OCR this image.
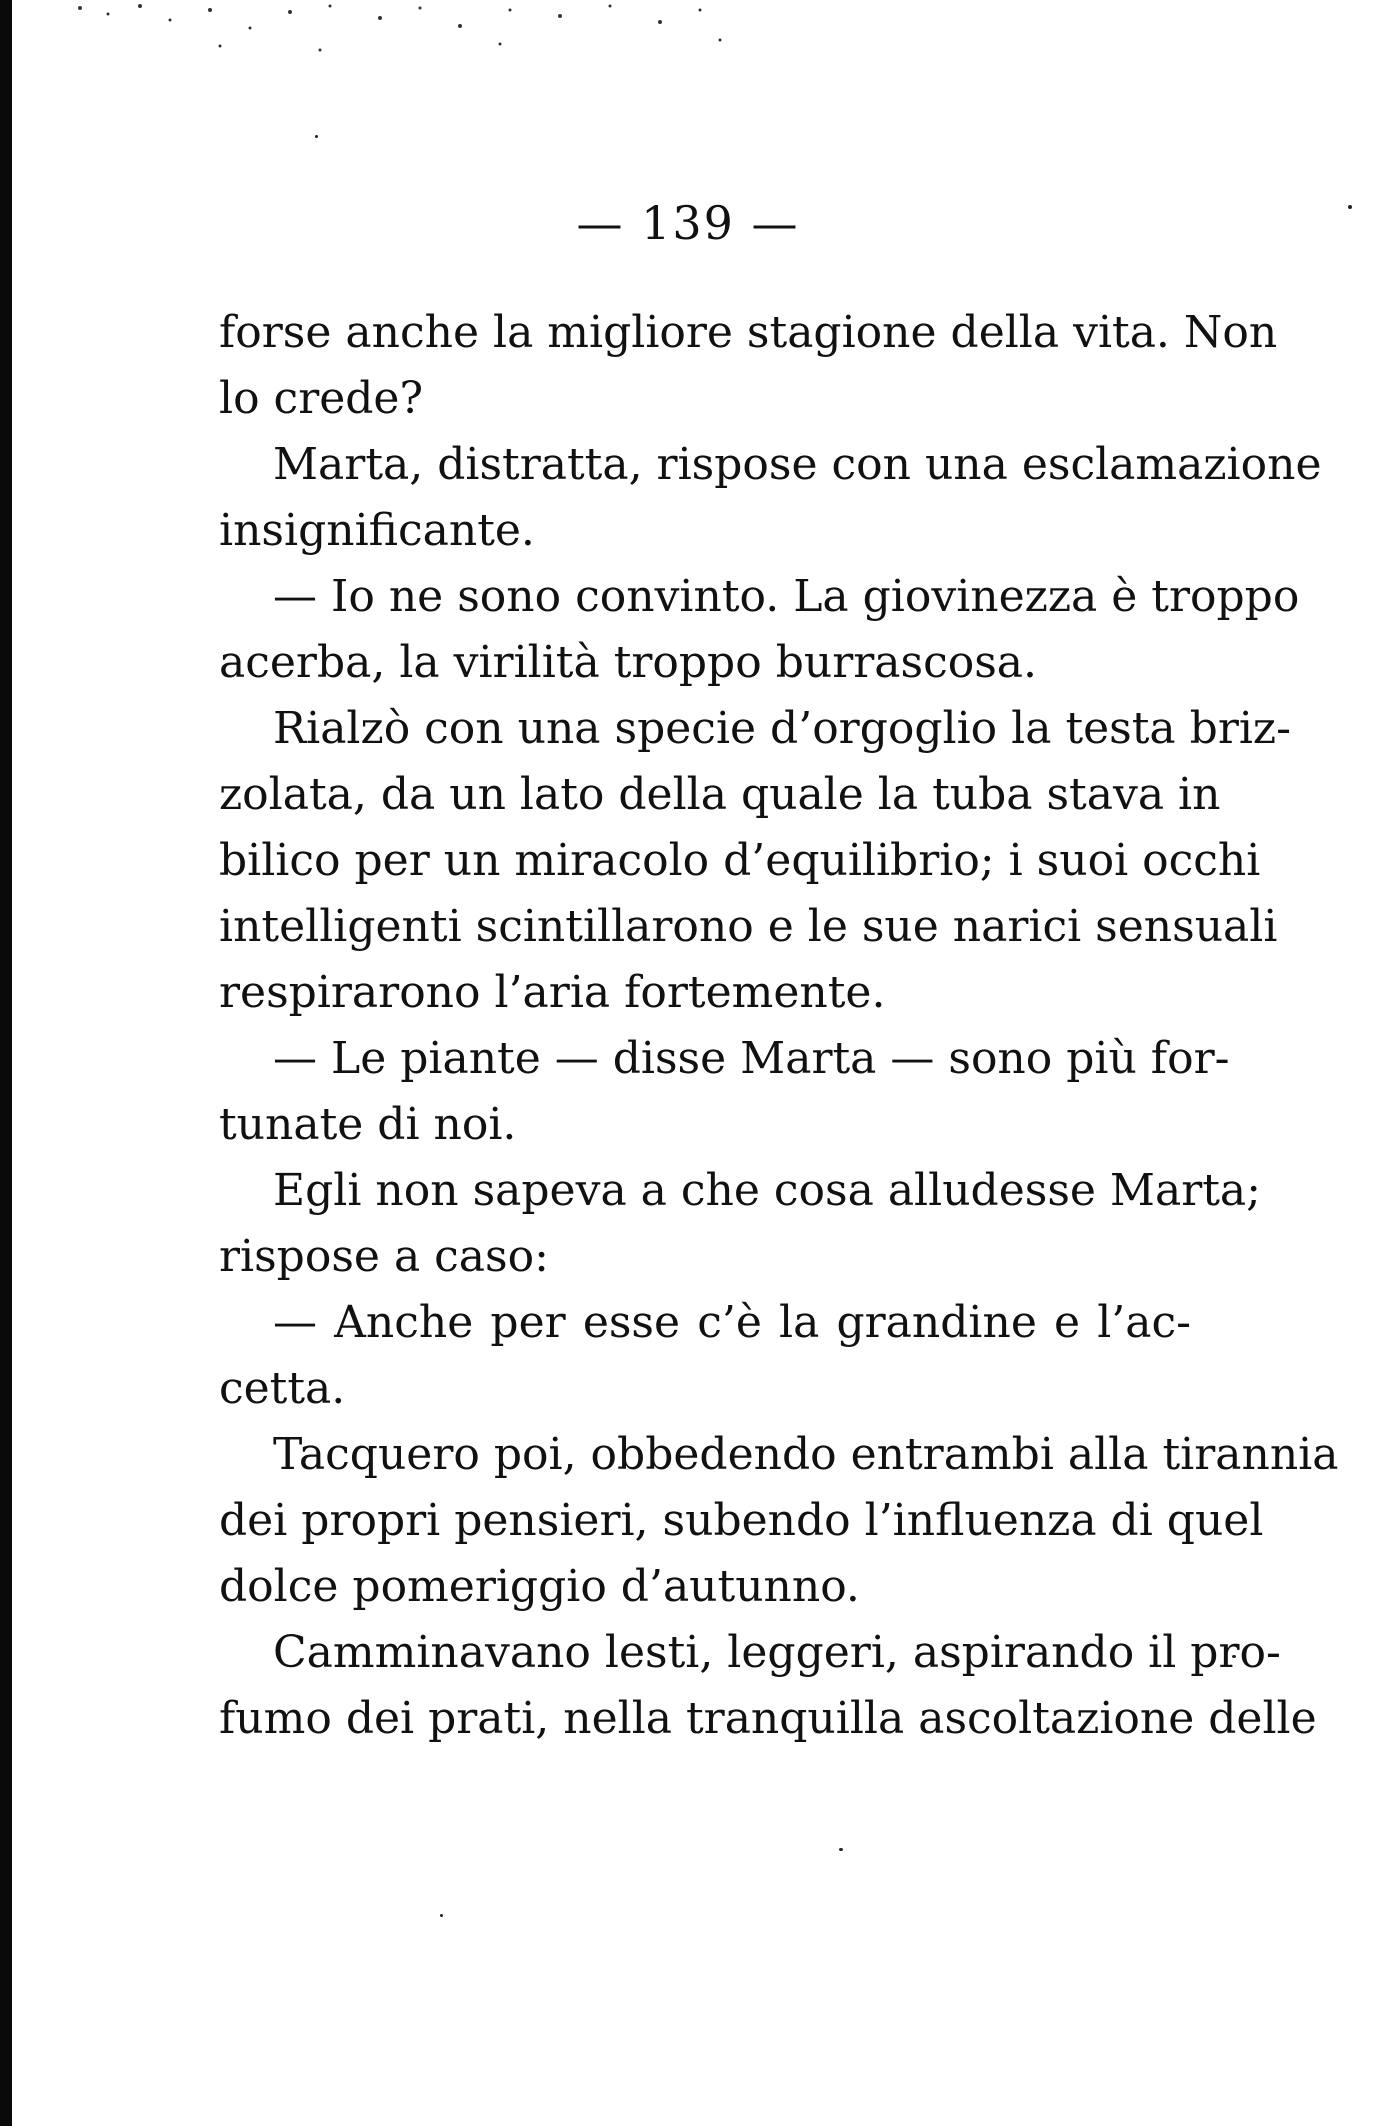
— 139 —
forse anche la migliore stagione della vita. Non
lo crede?
Marta, distratta, rispose con una esclamazione
insignificante.
— Io ne sono convinto. La giovinezza è troppo
acerba, la virilità troppo burrascosa.
Rialzò con una specie d’orgoglio la testa briz-
zolata, da un lato della quale la tuba stava in
bilico per un miracolo d’equilibrio; i suoi occhi
intelligenti scintillarono e le sue narici sensuali
respirarono l’aria fortemente.
— Le piante — disse Marta — sono più for-
tunate di noi.
Egli non sapeva a che cosa alludesse Marta;
rispose a caso:
— Anche per esse c’è la grandine e l’ac-
cetta.
Tacquero poi, obbedendo entrambi alla tirannia
dei propri pensieri, subendo l’influenza di quel
dolce pomeriggio d’autunno.
Camminavano lesti, leggeri, aspirando il pro-
fumo dei prati, nella tranquilla ascoltazione delle
